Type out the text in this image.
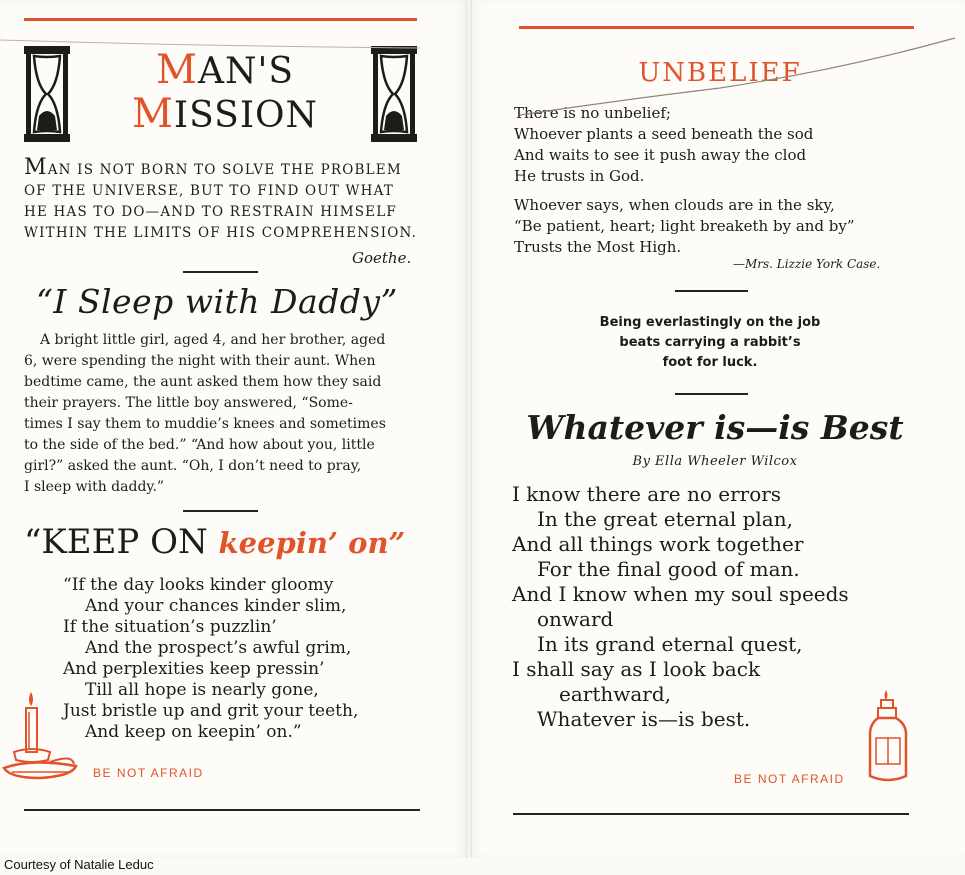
MAN'S
MISSION
MAN IS NOT BORN TO SOLVE THE PROBLEM
OF THE UNIVERSE, BUT TO FIND OUT WHAT
HE HAS TO DO—AND TO RESTRAIN HIMSELF
WITHIN THE LIMITS OF HIS COMPREHENSION.
Goethe.
“I Sleep with Daddy”
A bright little girl, aged 4, and her brother, aged
6, were spending the night with their aunt. When
bedtime came, the aunt asked them how they said
their prayers. The little boy answered, “Some-
times I say them to muddie’s knees and sometimes
to the side of the bed.” “And how about you, little
girl?” asked the aunt. “Oh, I don’t need to pray,
I sleep with daddy.”
“KEEP ON keepin’ on”
“If the day looks kinder gloomy
And your chances kinder slim,
If the situation’s puzzlin’
And the prospect’s awful grim,
And perplexities keep pressin’
Till all hope is nearly gone,
Just bristle up and grit your teeth,
And keep on keepin’ on.”
BE NOT AFRAID
UNBELIEF
There is no unbelief;
Whoever plants a seed beneath the sod
And waits to see it push away the clod
He trusts in God.
Whoever says, when clouds are in the sky,
“Be patient, heart; light breaketh by and by”
Trusts the Most High.
—Mrs. Lizzie York Case.
Being everlastingly on the job
beats carrying a rabbit’s
foot for luck.
Whatever is—is Best
By Ella Wheeler Wilcox
I know there are no errors
In the great eternal plan,
And all things work together
For the final good of man.
And I know when my soul speeds
onward
In its grand eternal quest,
I shall say as I look back
earthward,
Whatever is—is best.
BE NOT AFRAID
Courtesy of Natalie Leduc
